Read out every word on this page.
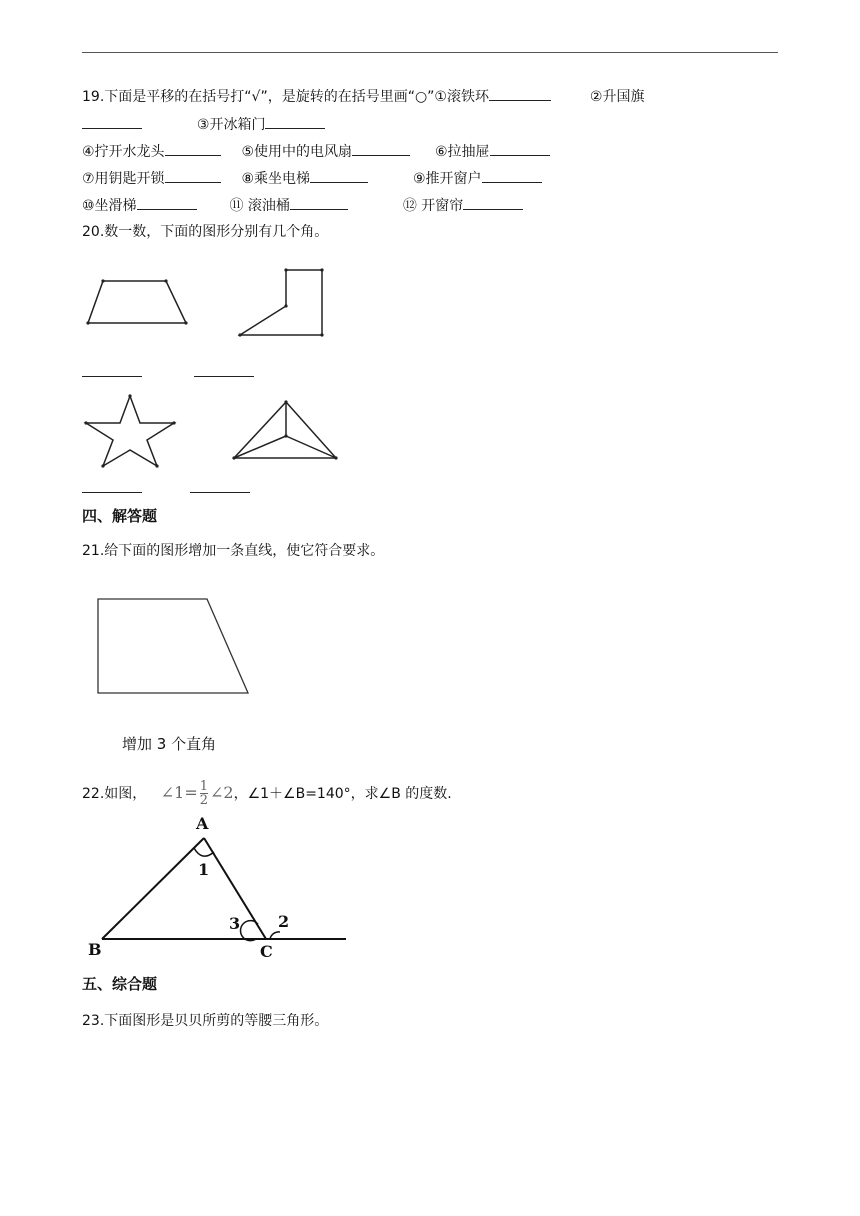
19.下面是平移的在括号打“√”，是旋转的在括号里画“○”①滚铁环	②升国旗
③开冰箱门
④拧开水龙头	⑤使用中的电风扇	⑥拉抽屉
⑦用钥匙开锁	⑧乘坐电梯	⑨推开窗户
⑩坐滑梯	⑪ 滚油桶	⑫ 开窗帘
20.数一数，下面的图形分别有几个角。
四、解答题
21.给下面的图形增加一条直线，使它符合要求。
增加 3 个直角
22.如图， ∠1= $\frac{1}{2}$ ∠2，∠1＋∠B=140°，求∠B 的度数.
A
1
B	C
3 2
五、综合题
23.下面图形是贝贝所剪的等腰三角形。
